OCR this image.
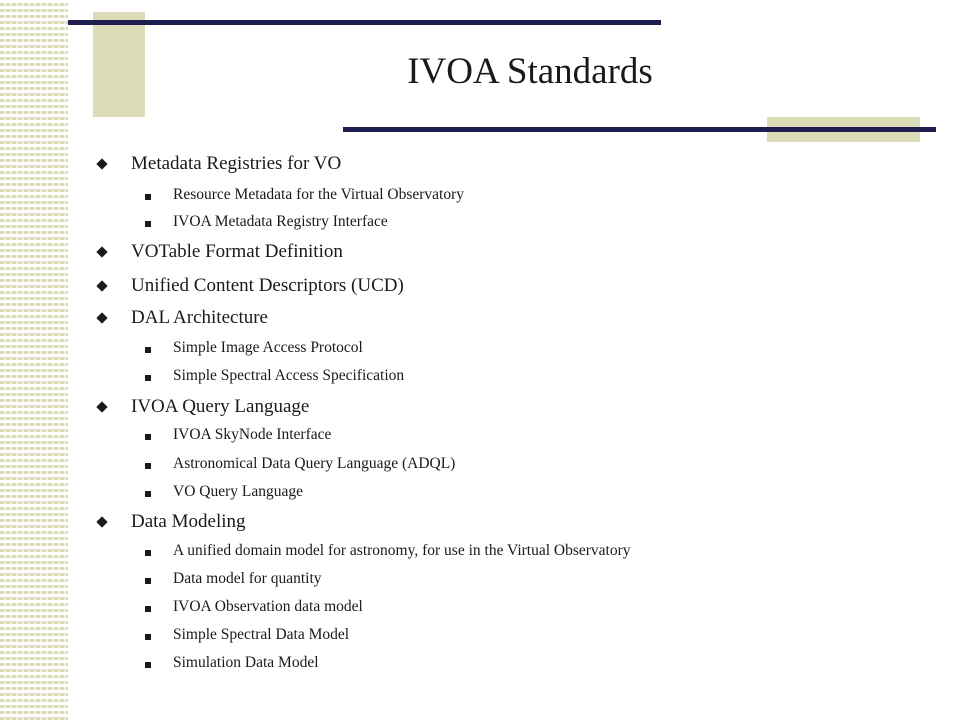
IVOA Standards
Metadata Registries for VO
Resource Metadata for the Virtual Observatory
IVOA Metadata Registry Interface
VOTable Format Definition
Unified Content Descriptors (UCD)
DAL Architecture
Simple Image Access Protocol
Simple Spectral Access Specification
IVOA Query Language
IVOA SkyNode Interface
Astronomical Data Query Language (ADQL)
VO Query Language
Data Modeling
A unified domain model for astronomy, for use in the Virtual Observatory
Data model for quantity
IVOA Observation data model
Simple Spectral Data Model
Simulation Data Model
